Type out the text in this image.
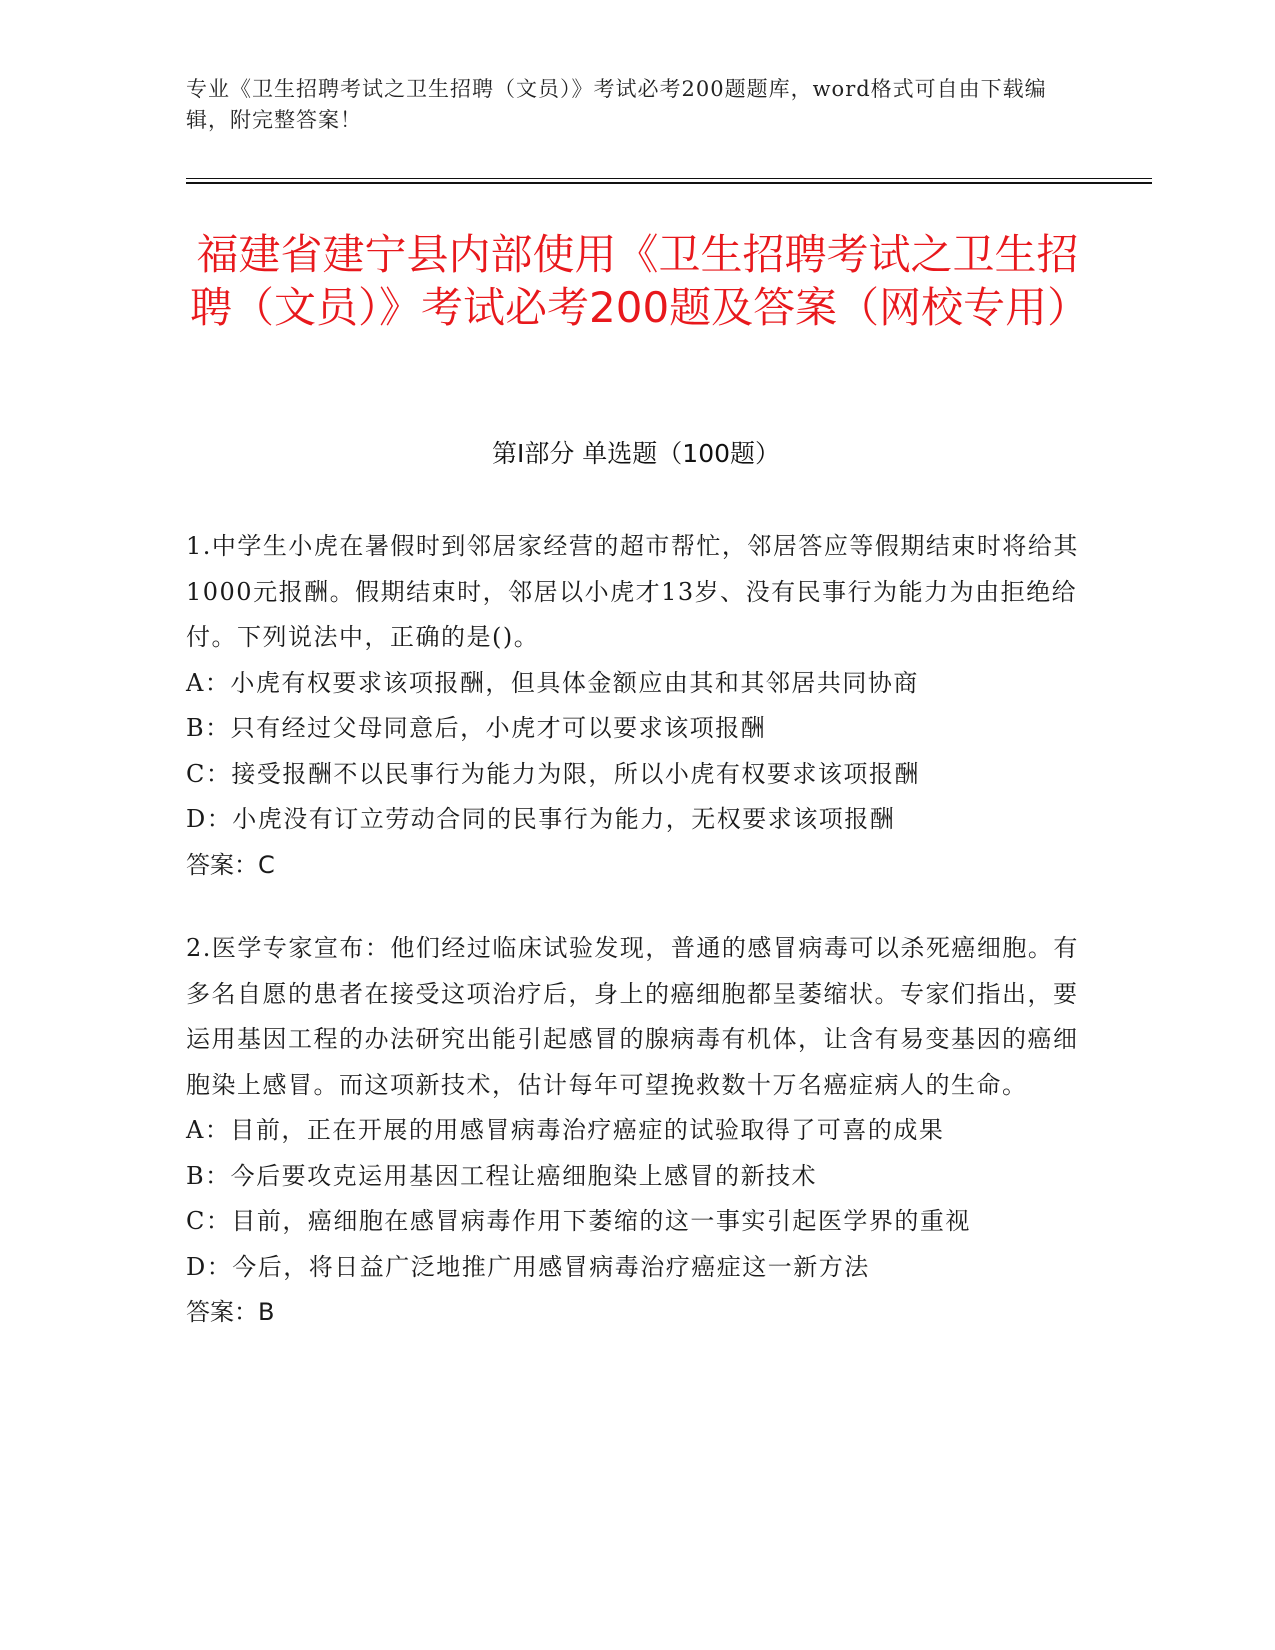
专业《卫生招聘考试之卫生招聘（文员）》考试必考200题题库，word格式可自由下载编辑，附完整答案！
福建省建宁县内部使用《卫生招聘考试之卫生招聘（文员）》考试必考200题及答案（网校专用）
第Ⅰ部分 单选题（100题）

1.中学生小虎在暑假时到邻居家经营的超市帮忙，邻居答应等假期结束时将给其1000元报酬。假期结束时，邻居以小虎才13岁、没有民事行为能力为由拒绝给付。下列说法中，正确的是()。

A：小虎有权要求该项报酬，但具体金额应由其和其邻居共同协商

B：只有经过父母同意后，小虎才可以要求该项报酬

C：接受报酬不以民事行为能力为限，所以小虎有权要求该项报酬

D：小虎没有订立劳动合同的民事行为能力，无权要求该项报酬

答案：C

2.医学专家宣布：他们经过临床试验发现，普通的感冒病毒可以杀死癌细胞。有多名自愿的患者在接受这项治疗后，身上的癌细胞都呈萎缩状。专家们指出，要运用基因工程的办法研究出能引起感冒的腺病毒有机体，让含有易变基因的癌细胞染上感冒。而这项新技术，估计每年可望挽救数十万名癌症病人的生命。

A：目前，正在开展的用感冒病毒治疗癌症的试验取得了可喜的成果

B：今后要攻克运用基因工程让癌细胞染上感冒的新技术

C：目前，癌细胞在感冒病毒作用下萎缩的这一事实引起医学界的重视

D：今后，将日益广泛地推广用感冒病毒治疗癌症这一新方法

答案：B
